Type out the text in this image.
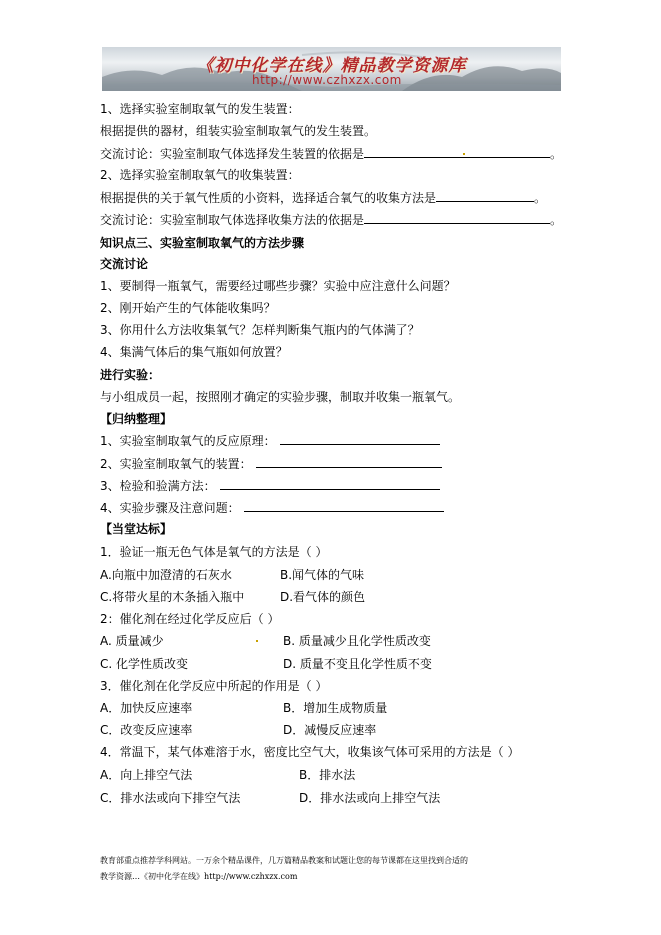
《初中化学在线》精品教学资源库
http://www.czhxzx.com
1、选择实验室制取氧气的发生装置：
根据提供的器材，组装实验室制取氧气的发生装置。
交流讨论：实验室制取气体选择发生装置的依据是	。
2、选择实验室制取氧气的收集装置：
根据提供的关于氧气性质的小资料，选择适合氧气的收集方法是	。
交流讨论：实验室制取气体选择收集方法的依据是	。
知识点三、实验室制取氧气的方法步骤
交流讨论
1、要制得一瓶氧气，需要经过哪些步骤？实验中应注意什么问题？
2、刚开始产生的气体能收集吗？
3、你用什么方法收集氧气？怎样判断集气瓶内的气体满了？
4、集满气体后的集气瓶如何放置？
进行实验：
与小组成员一起，按照刚才确定的实验步骤，制取并收集一瓶氧气。
【归纳整理】
1、实验室制取氧气的反应原理：
2、实验室制取氧气的装置：
3、检验和验满方法：
4、实验步骤及注意问题：
【当堂达标】
1．验证一瓶无色气体是氧气的方法是（ ）
A.向瓶中加澄清的石灰水	B.闻气体的气味
C.将带火星的木条插入瓶中	D.看气体的颜色
2：催化剂在经过化学反应后（ ）
A. 质量减少	B. 质量减少且化学性质改变
C. 化学性质改变	D. 质量不变且化学性质不变
3．催化剂在化学反应中所起的作用是（ ）
A．加快反应速率	B．增加生成物质量
C．改变反应速率	D．减慢反应速率
4．常温下，某气体难溶于水，密度比空气大，收集该气体可采用的方法是（ ）
A．向上排空气法	B．排水法
C．排水法或向下排空气法	D．排水法或向上排空气法
教育部重点推荐学科网站。一万余个精品课件，几万篇精品教案和试题让您的每节课都在这里找到合适的
教学资源…《初中化学在线》http://www.czhxzx.com
